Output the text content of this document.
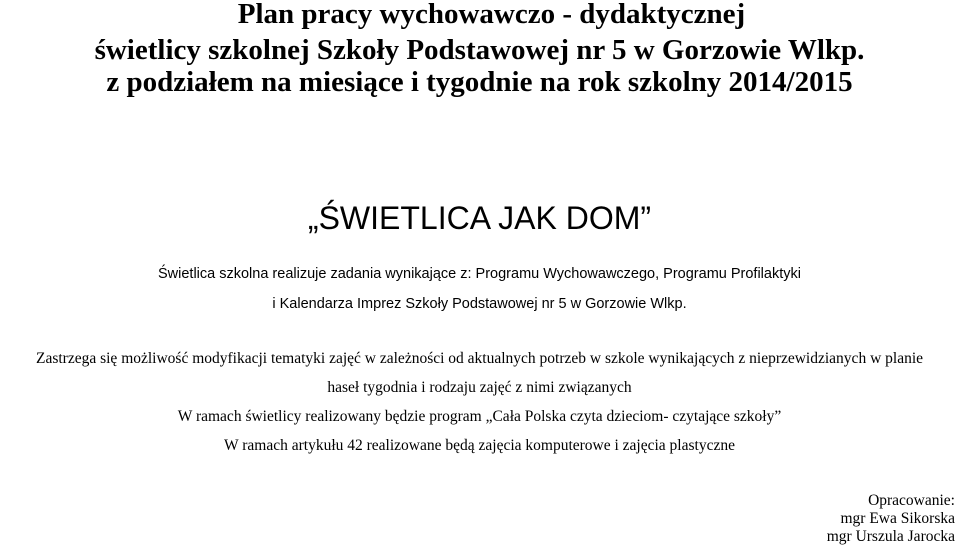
Plan pracy wychowawczo - dydaktycznej
świetlicy szkolnej Szkoły Podstawowej nr 5 w Gorzowie Wlkp.
z podziałem na miesiące i tygodnie na rok szkolny 2014/2015
„ŚWIETLICA JAK DOM”
Świetlica szkolna realizuje zadania wynikające z: Programu Wychowawczego, Programu Profilaktyki
i Kalendarza Imprez Szkoły Podstawowej nr 5 w Gorzowie Wlkp.
Zastrzega się możliwość modyfikacji tematyki zajęć w zależności od aktualnych potrzeb w szkole wynikających z nieprzewidzianych w planie
haseł tygodnia i rodzaju zajęć z nimi związanych
W ramach świetlicy realizowany będzie program „Cała Polska czyta dzieciom- czytające szkoły”
W ramach artykułu 42 realizowane będą zajęcia komputerowe i zajęcia plastyczne
Opracowanie:
mgr Ewa Sikorska
mgr Urszula Jarocka
